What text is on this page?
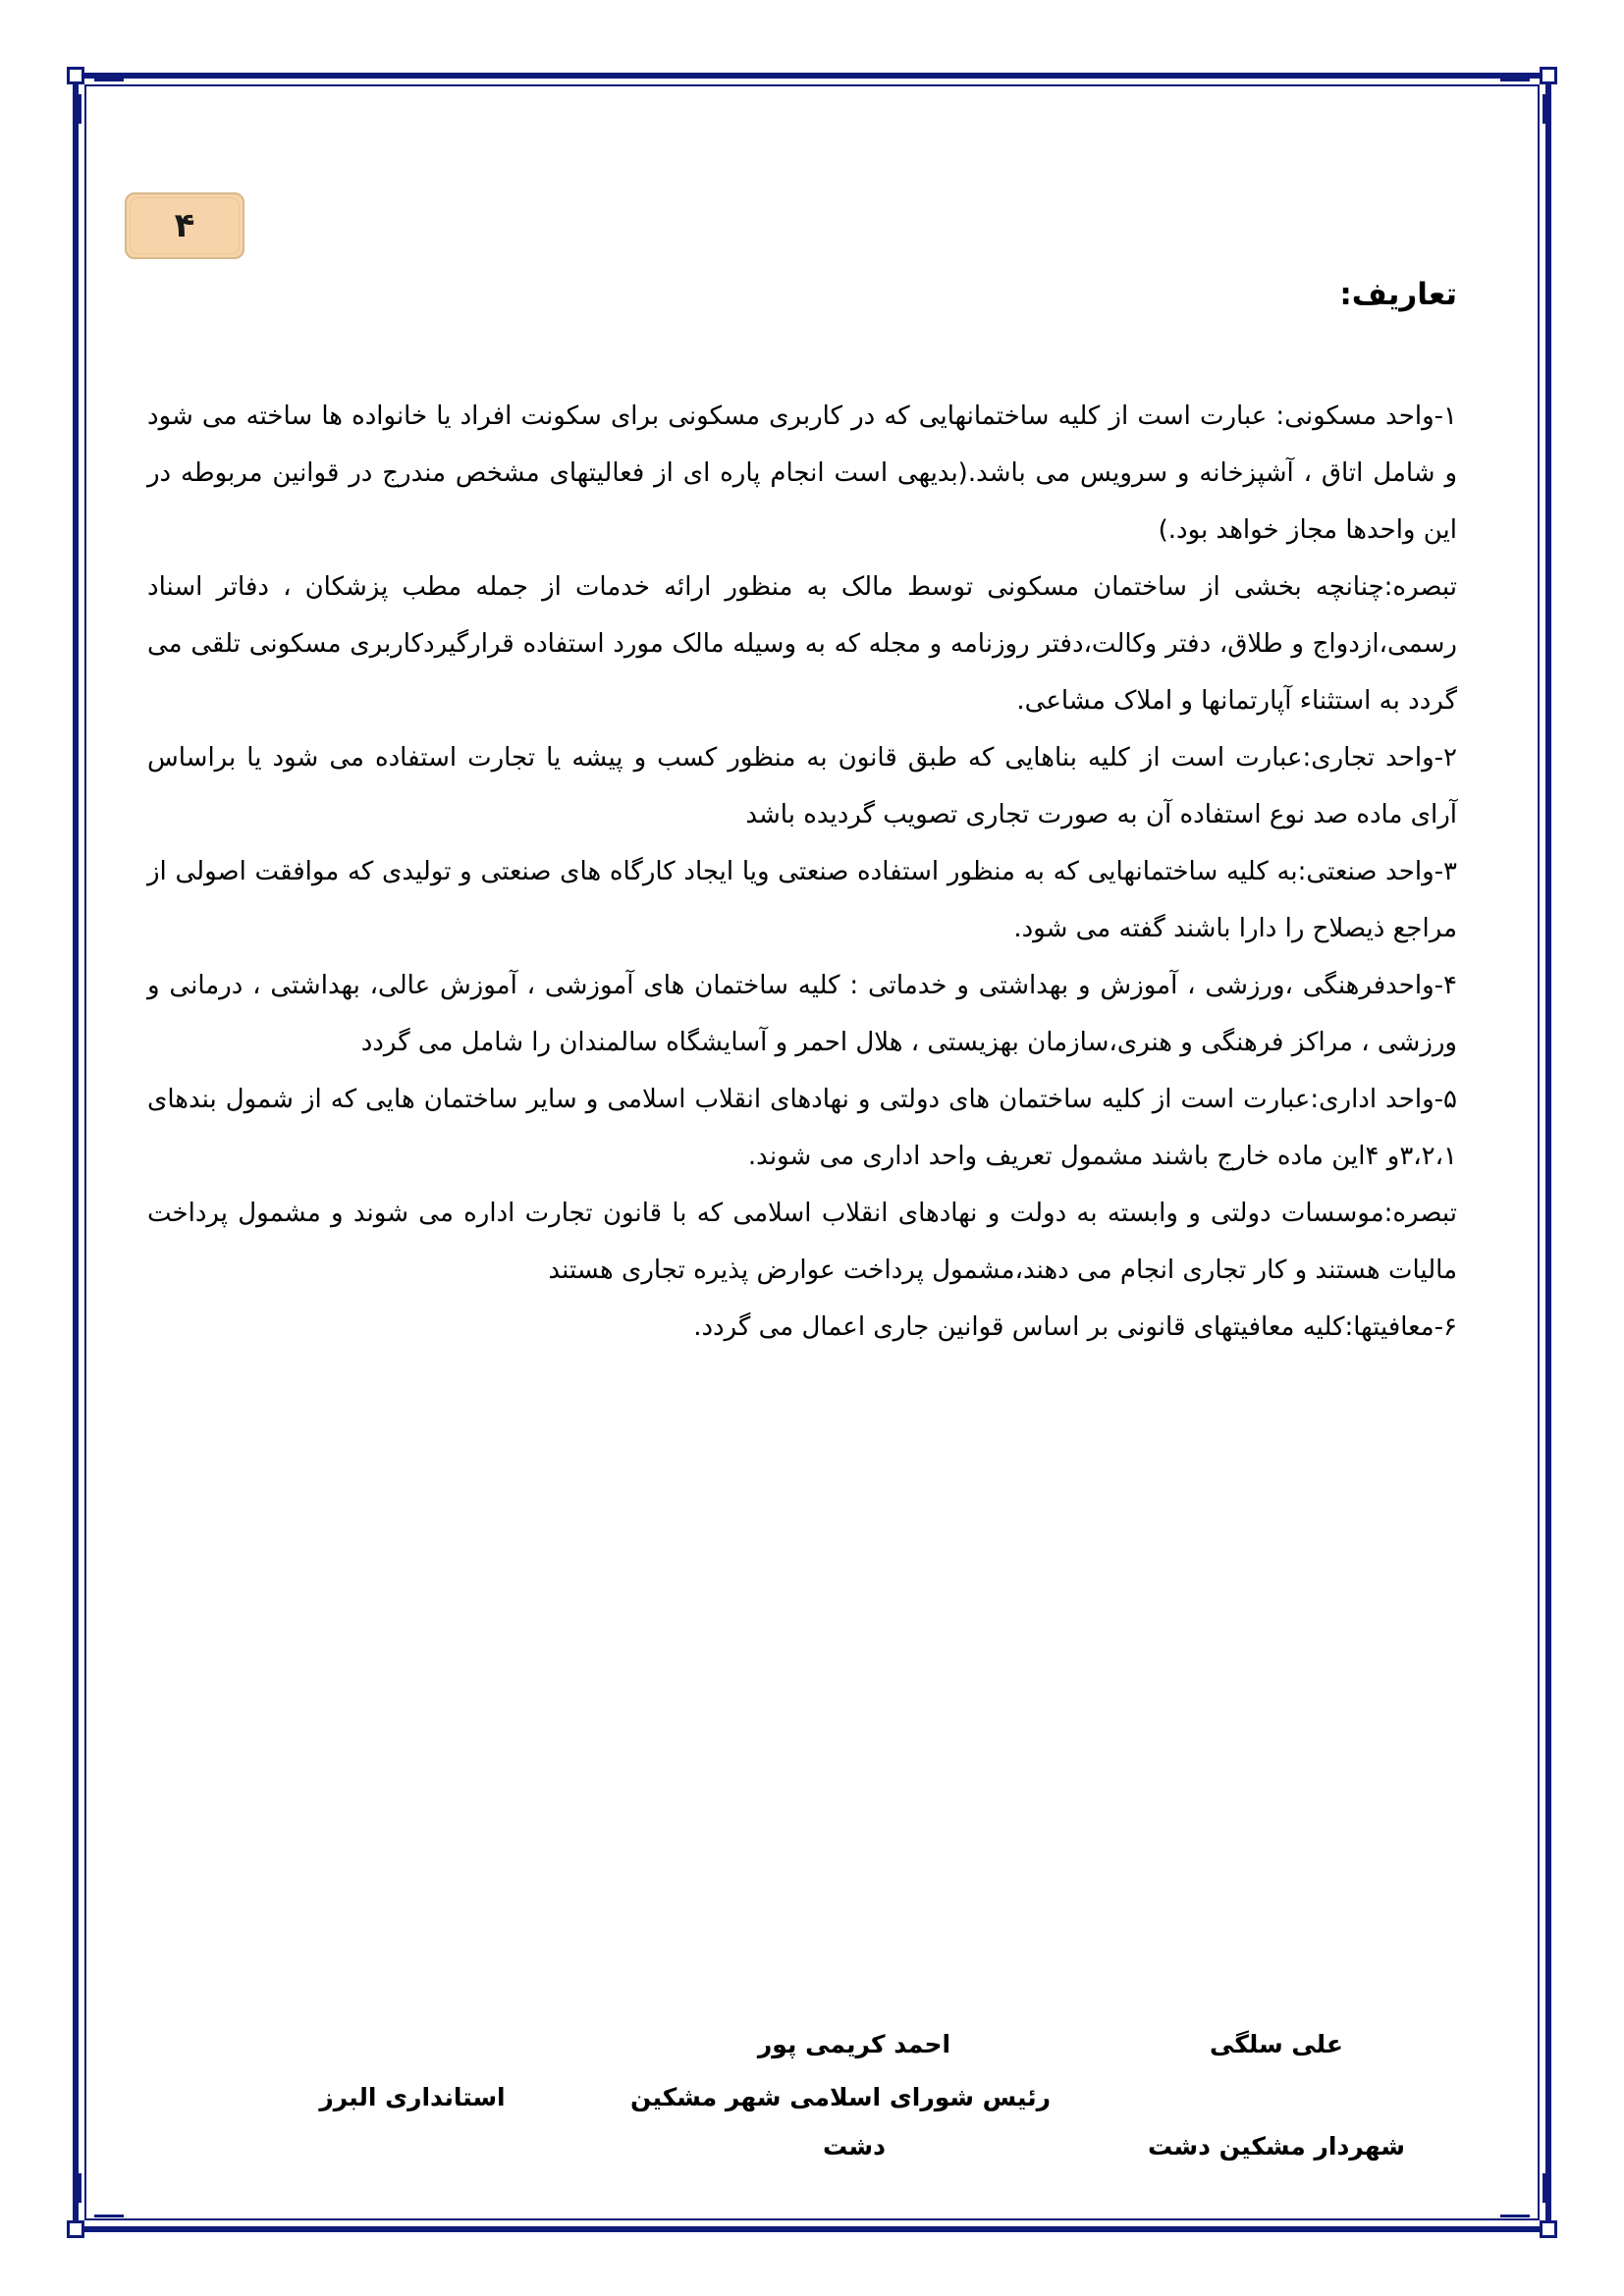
۴
تعاریف:

۱-واحد مسکونی: عبارت است از کلیه ساختمانهایی که در کاربری مسکونی برای سکونت افراد یا خانواده ها ساخته می شود و شامل اتاق ، آشپزخانه و سرویس می باشد.(بدیهی است انجام پاره ای از فعالیتهای مشخص مندرج در قوانین مربوطه در این واحدها مجاز خواهد بود.)

تبصره:چنانچه بخشی از ساختمان مسکونی توسط مالک به منظور ارائه خدمات از جمله مطب پزشکان ، دفاتر اسناد رسمی،ازدواج و طلاق، دفتر وکالت،دفتر روزنامه و مجله که به وسیله مالک مورد استفاده قرارگیردکاربری مسکونی تلقی می گردد به استثناء آپارتمانها و املاک مشاعی.

۲-واحد تجاری:عبارت است از کلیه بناهایی که طبق قانون به منظور کسب و پیشه یا تجارت استفاده می شود یا براساس آرای ماده صد نوع استفاده آن به صورت تجاری تصویب گردیده باشد

۳-واحد صنعتی:به کلیه ساختمانهایی که به منظور استفاده صنعتی ویا ایجاد کارگاه های صنعتی و تولیدی که موافقت اصولی از مراجع ذیصلاح را دارا باشند گفته می شود.

۴-واحدفرهنگی ،ورزشی ، آموزش و بهداشتی و خدماتی : کلیه ساختمان های آموزشی ، آموزش عالی، بهداشتی ، درمانی و ورزشی ، مراکز فرهنگی و هنری،سازمان بهزیستی ، هلال احمر و آسایشگاه سالمندان را شامل می گردد

۵-واحد اداری:عبارت است از کلیه ساختمان های دولتی و نهادهای انقلاب اسلامی و سایر ساختمان هایی که از شمول بندهای ۳،۲،۱و ۴این ماده خارج باشند مشمول تعریف واحد اداری می شوند.

تبصره:موسسات دولتی و وابسته به دولت و نهادهای انقلاب اسلامی که با قانون تجارت اداره می شوند و مشمول پرداخت مالیات هستند و کار تجاری انجام می دهند،مشمول پرداخت عوارض پذیره تجاری هستند

۶-معافیتها:کلیه معافیتهای قانونی بر اساس قوانین جاری اعمال می گردد.

علی سلگی
شهردار مشکین دشت
احمد کریمی پور
رئیس شورای اسلامی شهر مشکین
دشت
استانداری البرز
